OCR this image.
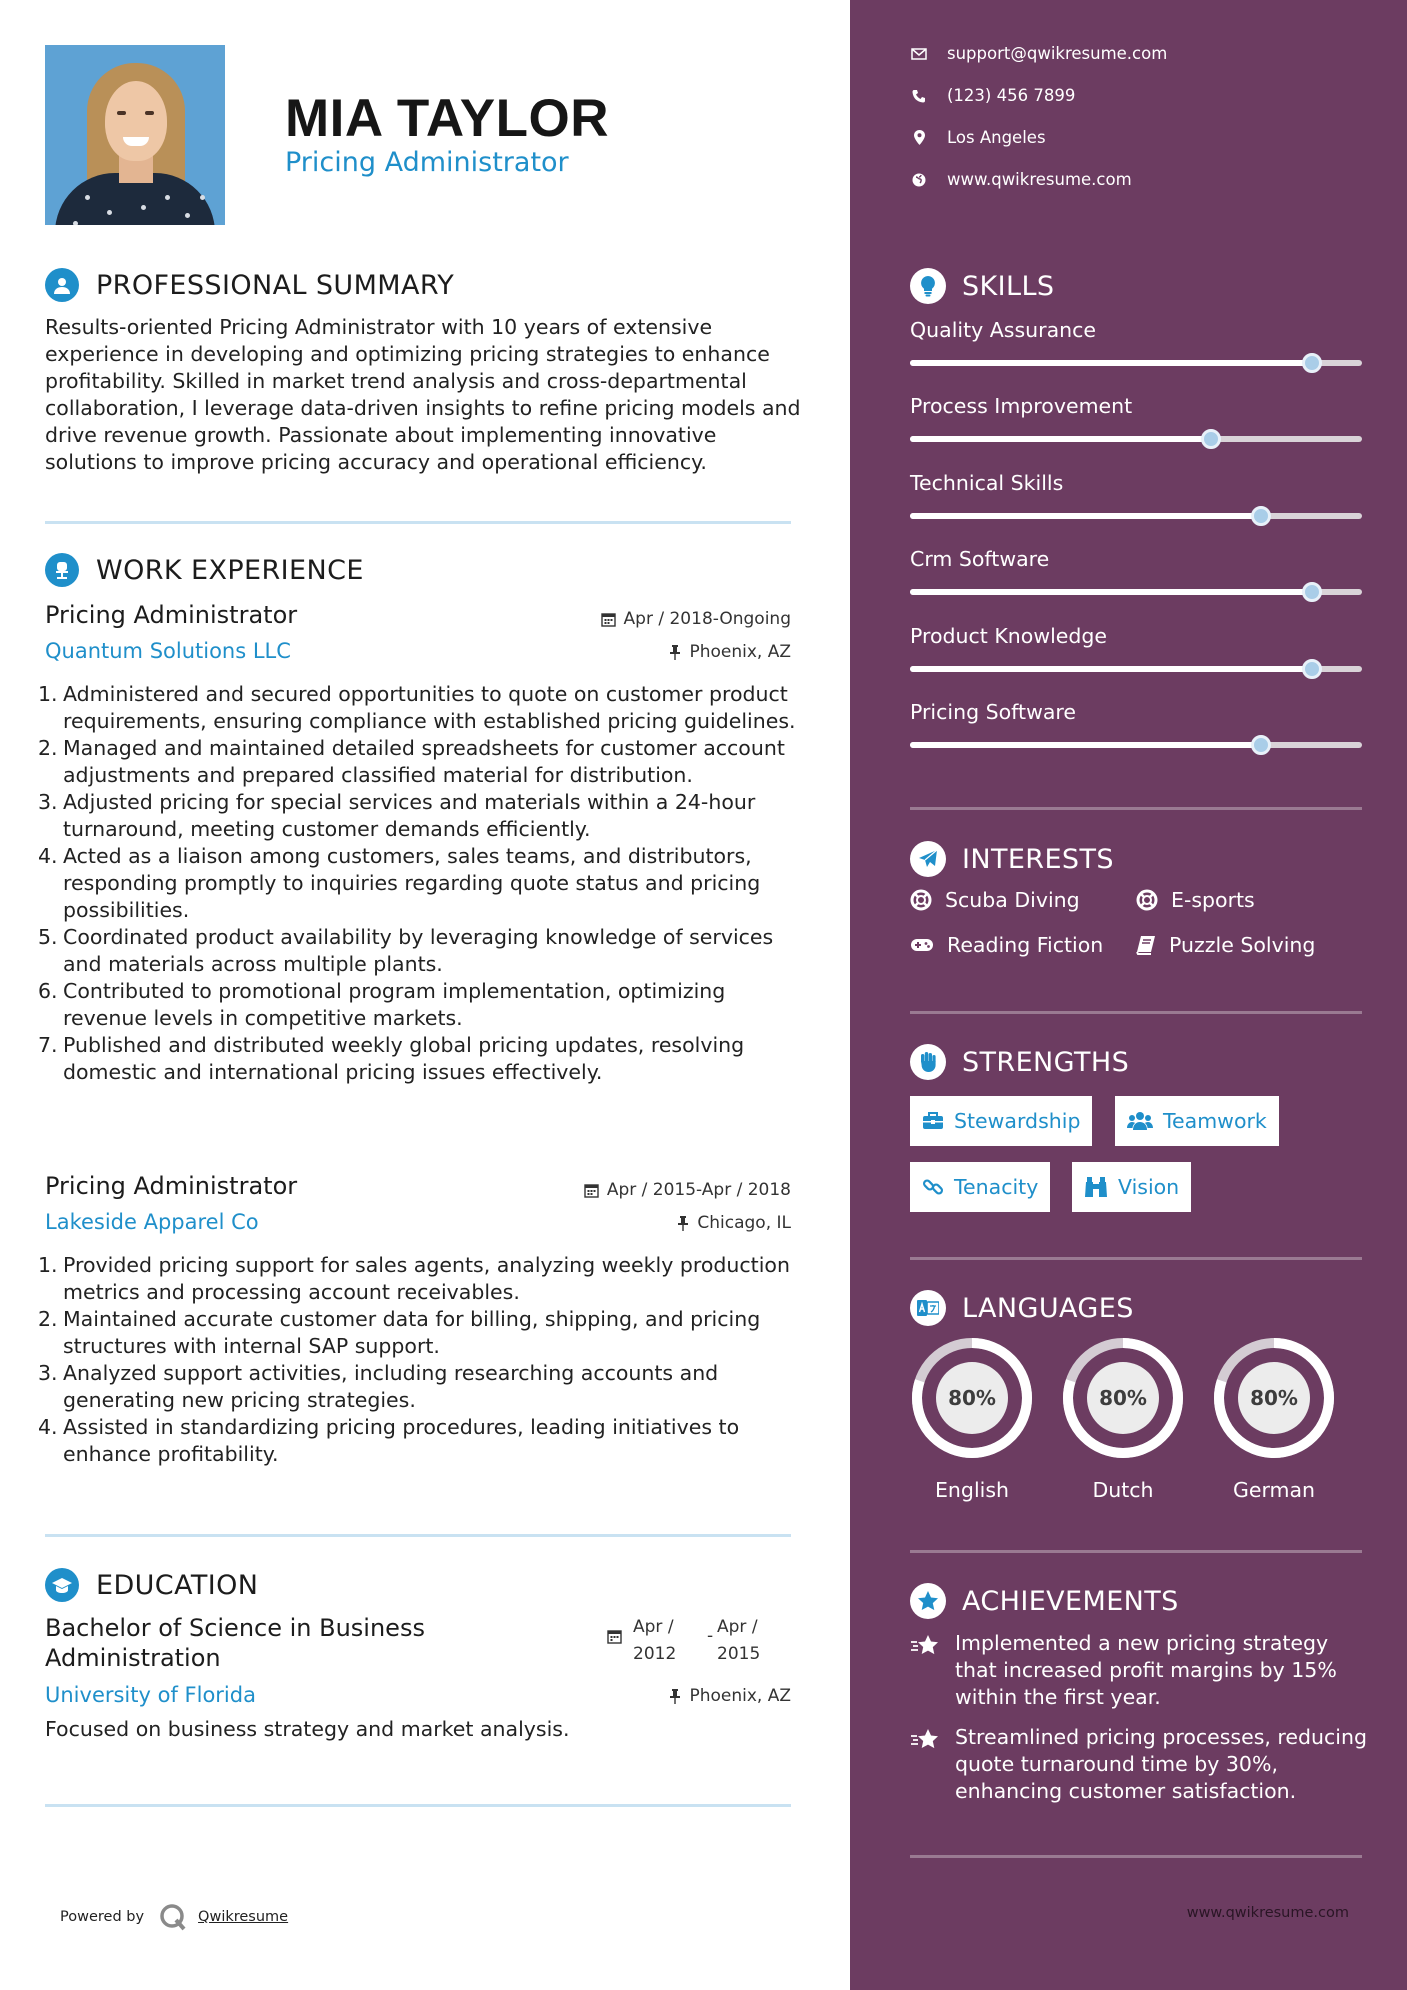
MIA TAYLOR
Pricing Administrator
PROFESSIONAL SUMMARY

Results-oriented Pricing Administrator with 10 years of extensive experience in developing and optimizing pricing strategies to enhance profitability. Skilled in market trend analysis and cross-departmental collaboration, I leverage data-driven insights to refine pricing models and drive revenue growth. Passionate about implementing innovative solutions to improve pricing accuracy and operational efficiency.

WORK EXPERIENCE
Pricing Administrator	Apr / 2018-Ongoing
Quantum Solutions LLC	Phoenix, AZ
1. Administered and secured opportunities to quote on customer product requirements, ensuring compliance with established pricing guidelines.
2. Managed and maintained detailed spreadsheets for customer account adjustments and prepared classified material for distribution.
3. Adjusted pricing for special services and materials within a 24-hour turnaround, meeting customer demands efficiently.
4. Acted as a liaison among customers, sales teams, and distributors, responding promptly to inquiries regarding quote status and pricing possibilities.
5. Coordinated product availability by leveraging knowledge of services and materials across multiple plants.
6. Contributed to promotional program implementation, optimizing revenue levels in competitive markets.
7. Published and distributed weekly global pricing updates, resolving domestic and international pricing issues effectively.
Pricing Administrator	Apr / 2015-Apr / 2018
Lakeside Apparel Co	Chicago, IL
1. Provided pricing support for sales agents, analyzing weekly production metrics and processing account receivables.
2. Maintained accurate customer data for billing, shipping, and pricing structures with internal SAP support.
3. Analyzed support activities, including researching accounts and generating new pricing strategies.
4. Assisted in standardizing pricing procedures, leading initiatives to enhance profitability.
EDUCATION
Bachelor of Science in Business Administration
Apr / 2012
- Apr / 2015
University of Florida	Phoenix, AZ
Focused on business strategy and market analysis.
Powered by	Qwikresume
support@qwikresume.com
(123) 456 7899
Los Angeles
www.qwikresume.com
SKILLS
Quality Assurance
Process Improvement
Technical Skills
Crm Software
Product Knowledge
Pricing Software
INTERESTS
Scuba Diving	E-sports
Reading Fiction	Puzzle Solving
STRENGTHS
Stewardship	Teamwork
Tenacity	Vision
LANGUAGES
80%
English
80%
Dutch
80%
German
ACHIEVEMENTS
Implemented a new pricing strategy that increased profit margins by 15% within the first year.
Streamlined pricing processes, reducing quote turnaround time by 30%, enhancing customer satisfaction.
www.qwikresume.com
